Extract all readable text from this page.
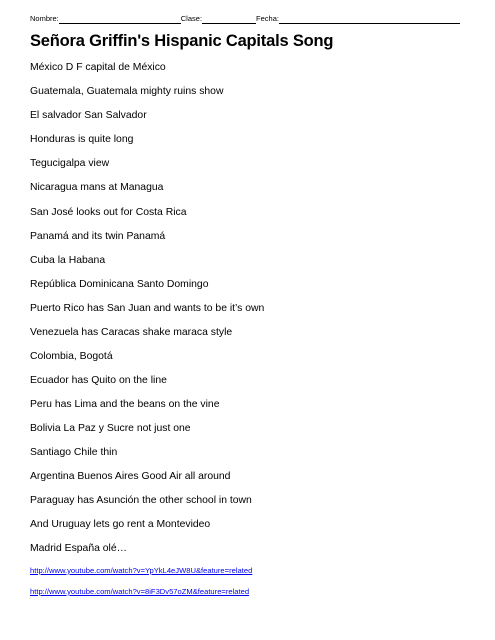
Nombre:	Clase:	Fecha:
Señora Griffin's Hispanic Capitals Song
México D F capital de México
Guatemala, Guatemala mighty ruins show
El salvador San Salvador
Honduras is quite long
Tegucigalpa view
Nicaragua mans at Managua
San José looks out for Costa Rica
Panamá and its twin Panamá
Cuba la Habana
República Dominicana Santo Domingo
Puerto Rico has San Juan and wants to be it’s own
Venezuela has Caracas shake maraca style
Colombia, Bogotá
Ecuador has Quito on the line
Peru has Lima and the beans on the vine
Bolivia La Paz y Sucre not just one
Santiago Chile thin
Argentina Buenos Aires Good Air all around
Paraguay has Asunción the other school in town
And Uruguay lets go rent a Montevideo
Madrid España olé…
http://www.youtube.com/watch?v=YpYkL4eJW8U&feature=related
http://www.youtube.com/watch?v=8iF3Dv57oZM&feature=related
